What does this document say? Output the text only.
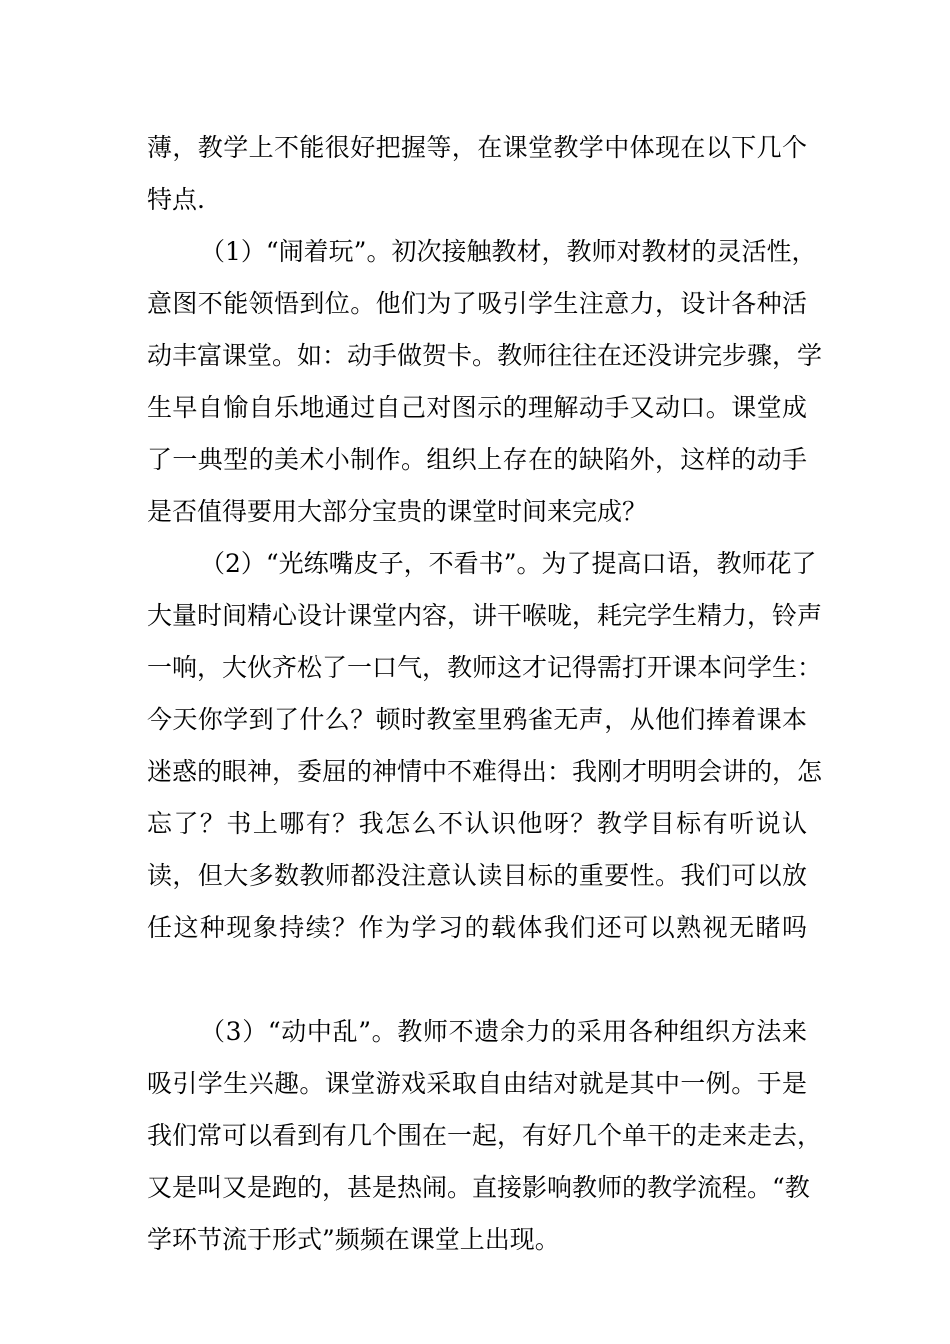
薄，教学上不能很好把握等，在课堂教学中体现在以下几个
特点.
（1）“闹着玩”。初次接触教材，教师对教材的灵活性，
意图不能领悟到位。他们为了吸引学生注意力，设计各种活
动丰富课堂。如：动手做贺卡。教师往往在还没讲完步骤，学
生早自愉自乐地通过自己对图示的理解动手又动口。课堂成
了一典型的美术小制作。组织上存在的缺陷外，这样的动手
是否值得要用大部分宝贵的课堂时间来完成？
（2）“光练嘴皮子，不看书”。为了提高口语，教师花了
大量时间精心设计课堂内容，讲干喉咙，耗完学生精力，铃声
一响，大伙齐松了一口气，教师这才记得需打开课本问学生：
今天你学到了什么？顿时教室里鸦雀无声，从他们捧着课本
迷惑的眼神，委屈的神情中不难得出：我刚才明明会讲的，怎
忘了？书上哪有？我怎么不认识他呀？教学目标有听说认
读，但大多数教师都没注意认读目标的重要性。我们可以放
任这种现象持续？作为学习的载体我们还可以熟视无睹吗
（3）“动中乱”。教师不遗余力的采用各种组织方法来
吸引学生兴趣。课堂游戏采取自由结对就是其中一例。于是
我们常可以看到有几个围在一起，有好几个单干的走来走去，
又是叫又是跑的，甚是热闹。直接影响教师的教学流程。“教
学环节流于形式”频频在课堂上出现。
